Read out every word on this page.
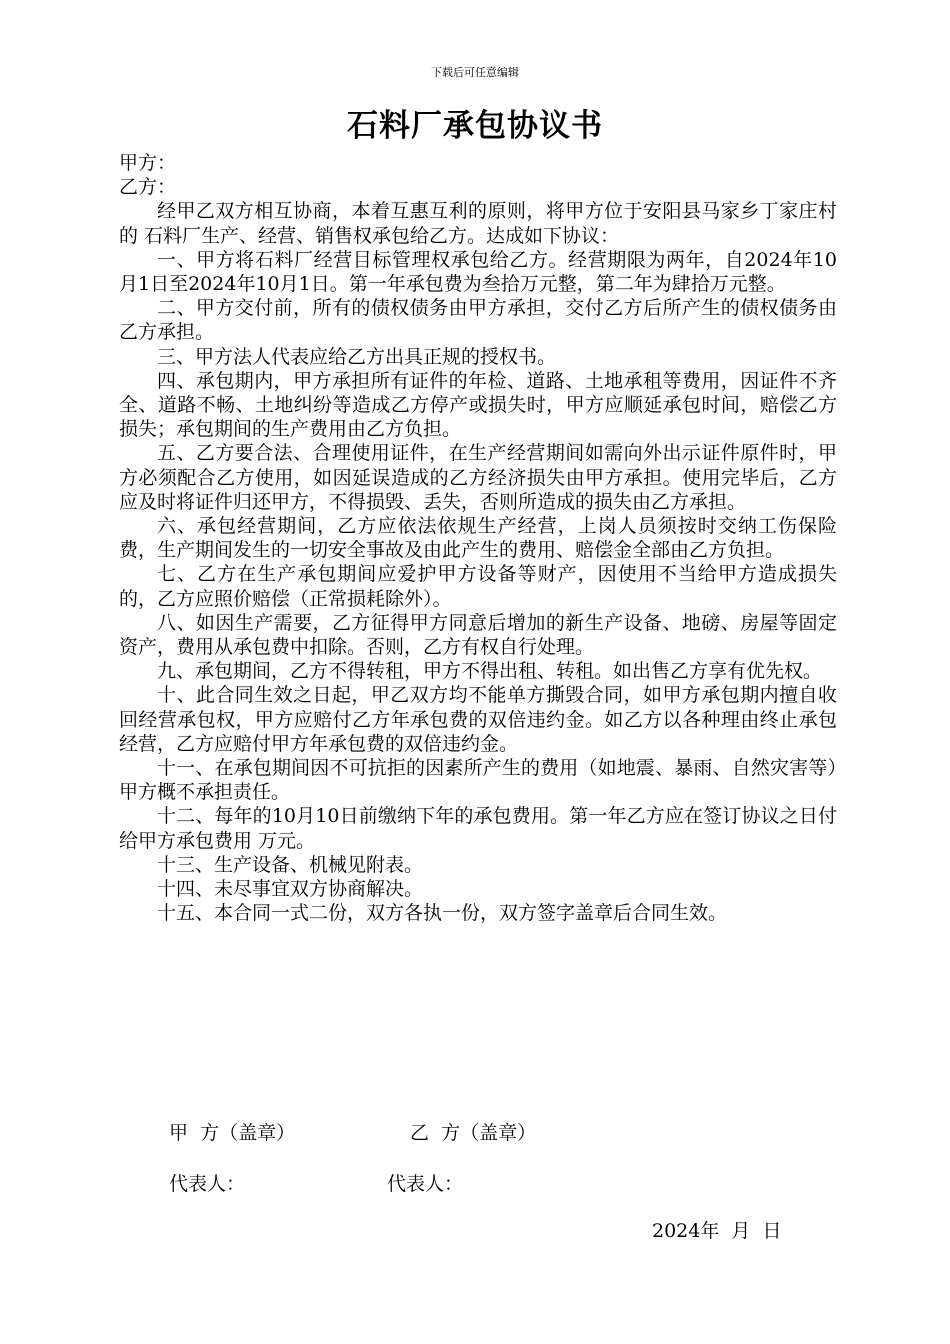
下载后可任意编辑
石料厂承包协议书

甲方：

乙方：

经甲乙双方相互协商，本着互惠互利的原则，将甲方位于安阳县马家乡丁家庄村的 石料厂生产、经营、销售权承包给乙方。达成如下协议：

一、甲方将石料厂经营目标管理权承包给乙方。经营期限为两年，自2024年10月1日至2024年10月1日。第一年承包费为叁拾万元整，第二年为肆拾万元整。

二、甲方交付前，所有的债权债务由甲方承担，交付乙方后所产生的债权债务由乙方承担。

三、甲方法人代表应给乙方出具正规的授权书。

四、承包期内，甲方承担所有证件的年检、道路、土地承租等费用，因证件不齐全、道路不畅、土地纠纷等造成乙方停产或损失时，甲方应顺延承包时间，赔偿乙方损失；承包期间的生产费用由乙方负担。

五、乙方要合法、合理使用证件，在生产经营期间如需向外出示证件原件时，甲方必须配合乙方使用，如因延误造成的乙方经济损失由甲方承担。使用完毕后，乙方应及时将证件归还甲方，不得损毁、丢失，否则所造成的损失由乙方承担。

六、承包经营期间，乙方应依法依规生产经营，上岗人员须按时交纳工伤保险费，生产期间发生的一切安全事故及由此产生的费用、赔偿金全部由乙方负担。

七、乙方在生产承包期间应爱护甲方设备等财产，因使用不当给甲方造成损失的，乙方应照价赔偿（正常损耗除外）。

八、如因生产需要，乙方征得甲方同意后增加的新生产设备、地磅、房屋等固定资产，费用从承包费中扣除。否则，乙方有权自行处理。

九、承包期间，乙方不得转租，甲方不得出租、转租。如出售乙方享有优先权。

十、此合同生效之日起，甲乙双方均不能单方撕毁合同，如甲方承包期内擅自收回经营承包权，甲方应赔付乙方年承包费的双倍违约金。如乙方以各种理由终止承包经营，乙方应赔付甲方年承包费的双倍违约金。

十一、在承包期间因不可抗拒的因素所产生的费用（如地震、暴雨、自然灾害等）甲方概不承担责任。

十二、每年的10月10日前缴纳下年的承包费用。第一年乙方应在签订协议之日付给甲方承包费用 万元。

十三、生产设备、机械见附表。

十四、未尽事宜双方协商解决。

十五、本合同一式二份，双方各执一份，双方签字盖章后合同生效。

甲  方（盖章）	乙  方（盖章）
代表人：	代表人：
2024年  月  日
